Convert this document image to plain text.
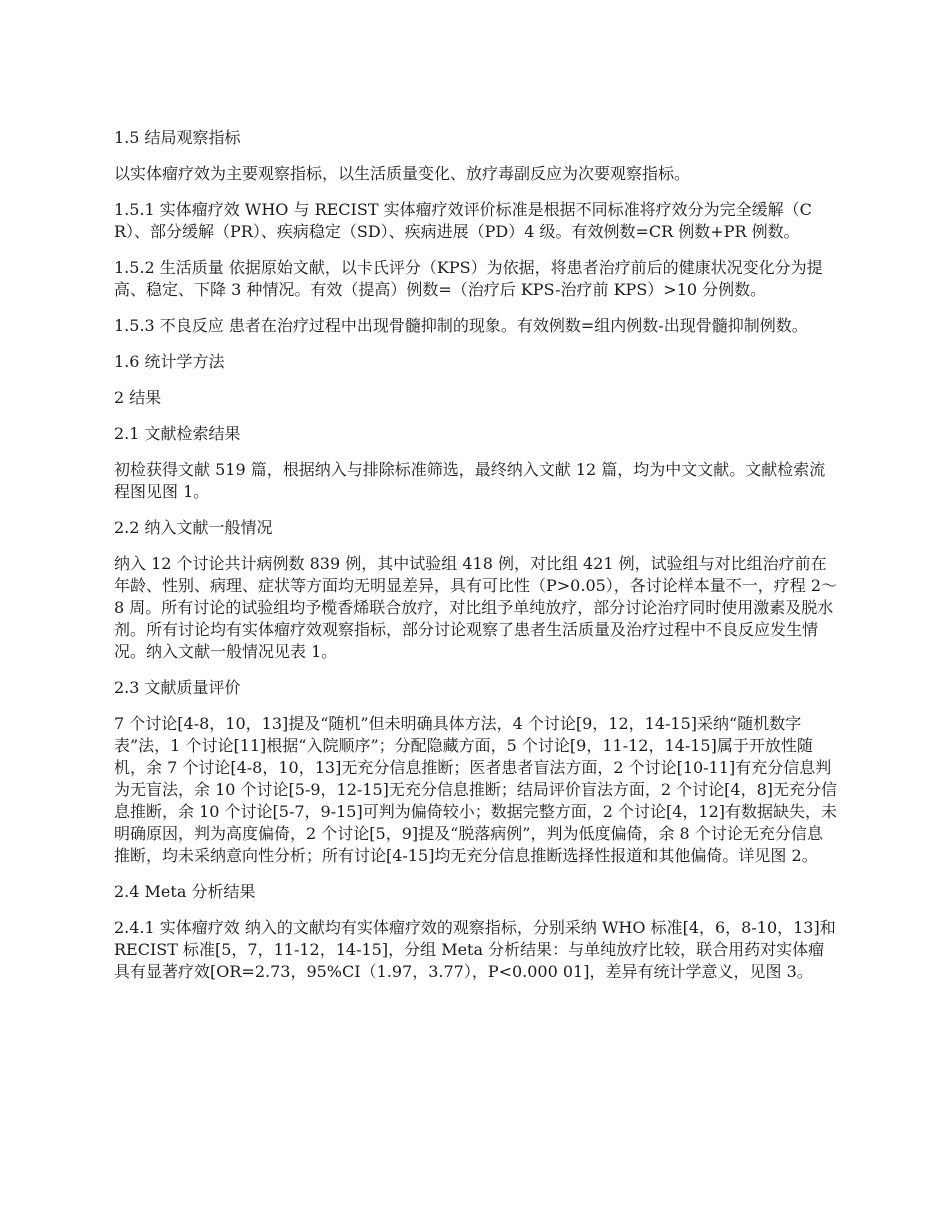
1.5 结局观察指标

以实体瘤疗效为主要观察指标，以生活质量变化、放疗毒副反应为次要观察指标。

1.5.1 实体瘤疗效 WHO 与 RECIST 实体瘤疗效评价标准是根据不同标准将疗效分为完全缓解（CR）、部分缓解（PR）、疾病稳定（SD）、疾病进展（PD）4 级。有效例数=CR 例数+PR 例数。

1.5.2 生活质量 依据原始文献，以卡氏评分（KPS）为依据，将患者治疗前后的健康状况变化分为提高、稳定、下降 3 种情况。有效（提高）例数=（治疗后 KPS-治疗前 KPS）>10 分例数。

1.5.3 不良反应 患者在治疗过程中出现骨髓抑制的现象。有效例数=组内例数-出现骨髓抑制例数。

1.6 统计学方法

2 结果

2.1 文献检索结果

初检获得文献 519 篇，根据纳入与排除标准筛选，最终纳入文献 12 篇，均为中文文献。文献检索流程图见图 1。

2.2 纳入文献一般情况

纳入 12 个讨论共计病例数 839 例，其中试验组 418 例，对比组 421 例，试验组与对比组治疗前在年龄、性别、病理、症状等方面均无明显差异，具有可比性（P>0.05），各讨论样本量不一，疗程 2～8 周。所有讨论的试验组均予榄香烯联合放疗，对比组予单纯放疗，部分讨论治疗同时使用激素及脱水剂。所有讨论均有实体瘤疗效观察指标，部分讨论观察了患者生活质量及治疗过程中不良反应发生情况。纳入文献一般情况见表 1。

2.3 文献质量评价

7 个讨论[4-8，10，13]提及“随机”但未明确具体方法，4 个讨论[9，12，14-15]采纳“随机数字表”法，1 个讨论[11]根据“入院顺序”；分配隐藏方面，5 个讨论[9，11-12，14-15]属于开放性随机，余 7 个讨论[4-8，10，13]无充分信息推断；医者患者盲法方面，2 个讨论[10-11]有充分信息判为无盲法，余 10 个讨论[5-9，12-15]无充分信息推断；结局评价盲法方面，2 个讨论[4，8]无充分信息推断，余 10 个讨论[5-7，9-15]可判为偏倚较小；数据完整方面，2 个讨论[4，12]有数据缺失，未明确原因，判为高度偏倚，2 个讨论[5，9]提及“脱落病例”，判为低度偏倚，余 8 个讨论无充分信息推断，均未采纳意向性分析；所有讨论[4-15]均无充分信息推断选择性报道和其他偏倚。详见图 2。

2.4 Meta 分析结果

2.4.1 实体瘤疗效 纳入的文献均有实体瘤疗效的观察指标，分别采纳 WHO 标准[4，6，8-10，13]和 RECIST 标准[5，7，11-12，14-15]，分组 Meta 分析结果：与单纯放疗比较，联合用药对实体瘤具有显著疗效[OR=2.73，95%CI（1.97，3.77），P<0.000 01]，差异有统计学意义，见图 3。
